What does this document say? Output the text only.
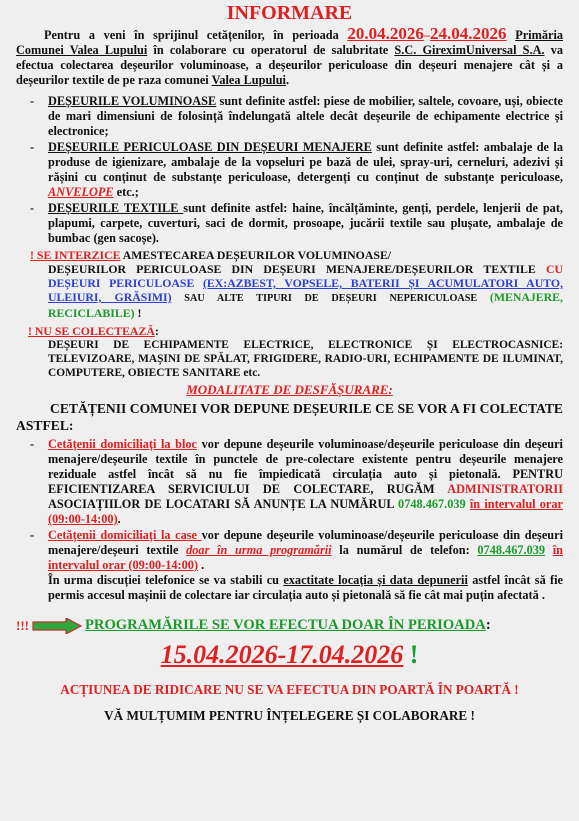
INFORMARE

Pentru a veni în sprijinul cetățenilor, în perioada 20.04.2026–24.04.2026 Primăria Comunei Valea Lupului în colaborare cu operatorul de salubritate S.C. GireximUniversal S.A. va efectua colectarea deșeurilor voluminoase, a deșeurilor periculoase din deșeuri menajere cât și a deșeurilor textile de pe raza comunei Valea Lupului.

- DEȘEURILE VOLUMINOASE sunt definite astfel: piese de mobilier, saltele, covoare, uși, obiecte de mari dimensiuni de folosință îndelungată altele decât deșeurile de echipamente electrice și electronice;
- DEȘEURILE PERICULOASE DIN DEȘEURI MENAJERE sunt definite astfel: ambalaje de la produse de igienizare, ambalaje de la vopseluri pe bază de ulei, spray-uri, cerneluri, adezivi și rășini cu conținut de substanțe periculoase, detergenți cu conținut de substanțe periculoase, ANVELOPE etc.;
- DEȘEURILE TEXTILE sunt definite astfel: haine, încălțăminte, genți, perdele, lenjerii de pat, plapumi, carpete, cuverturi, saci de dormit, prosoape, jucării textile sau plușate, ambalaje de bumbac (gen sacoșe).
! SE INTERZICE AMESTECAREA DEȘEURILOR VOLUMINOASE/
DEȘEURILOR PERICULOASE DIN DEȘEURI MENAJERE/DEȘEURILOR TEXTILE CU DEȘEURI PERICULOASE (EX:AZBEST, VOPSELE, BATERII ȘI ACUMULATORI AUTO, ULEIURI, GRĂSIMI) SAU ALTE TIPURI DE DEȘEURI NEPERICULOASE (MENAJERE, RECICLABILE) !
! NU SE COLECTEAZĂ:
DEȘEURI DE ECHIPAMENTE ELECTRICE, ELECTRONICE ȘI ELECTROCASNICE: TELEVIZOARE, MAȘINI DE SPĂLAT, FRIGIDERE, RADIO-URI, ECHIPAMENTE DE ILUMINAT, COMPUTERE, OBIECTE SANITARE etc.

MODALITATE DE DESFĂȘURARE:

CETĂȚENII COMUNEI VOR DEPUNE DEȘEURILE CE SE VOR A FI COLECTATE ASTFEL:

- Cetățenii domiciliați la bloc vor depune deșeurile voluminoase/deșeurile periculoase din deșeuri menajere/deșeurile textile în punctele de pre-colectare existente pentru deșeurile menajere reziduale astfel încât să nu fie împiedicată circulația auto și pietonală. PENTRU EFICIENTIZAREA SERVICIULUI DE COLECTARE, RUGĂM ADMINISTRATORII ASOCIAȚIILOR DE LOCATARI SĂ ANUNȚE LA NUMĂRUL 0748.467.039 în intervalul orar (09:00-14:00).
- Cetățenii domiciliați la case vor depune deșeurile voluminoase/deșeurile periculoase din deșeuri menajere/deșeuri textile doar în urma programării la numărul de telefon: 0748.467.039 în intervalul orar (09:00-14:00) .
În urma discuției telefonice se va stabili cu exactitate locația și data depunerii astfel încât să fie permis accesul mașinii de colectare iar circulația auto și pietonală să fie cât mai puțin afectată .
!!!	PROGRAMĂRILE SE VOR EFECTUA DOAR ÎN PERIOADA :
15.04.2026-17.04.2026 !
ACȚIUNEA DE RIDICARE NU SE VA EFECTUA DIN POARTĂ ÎN POARTĂ !
VĂ MULȚUMIM PENTRU ÎNȚELEGERE ȘI COLABORARE !
